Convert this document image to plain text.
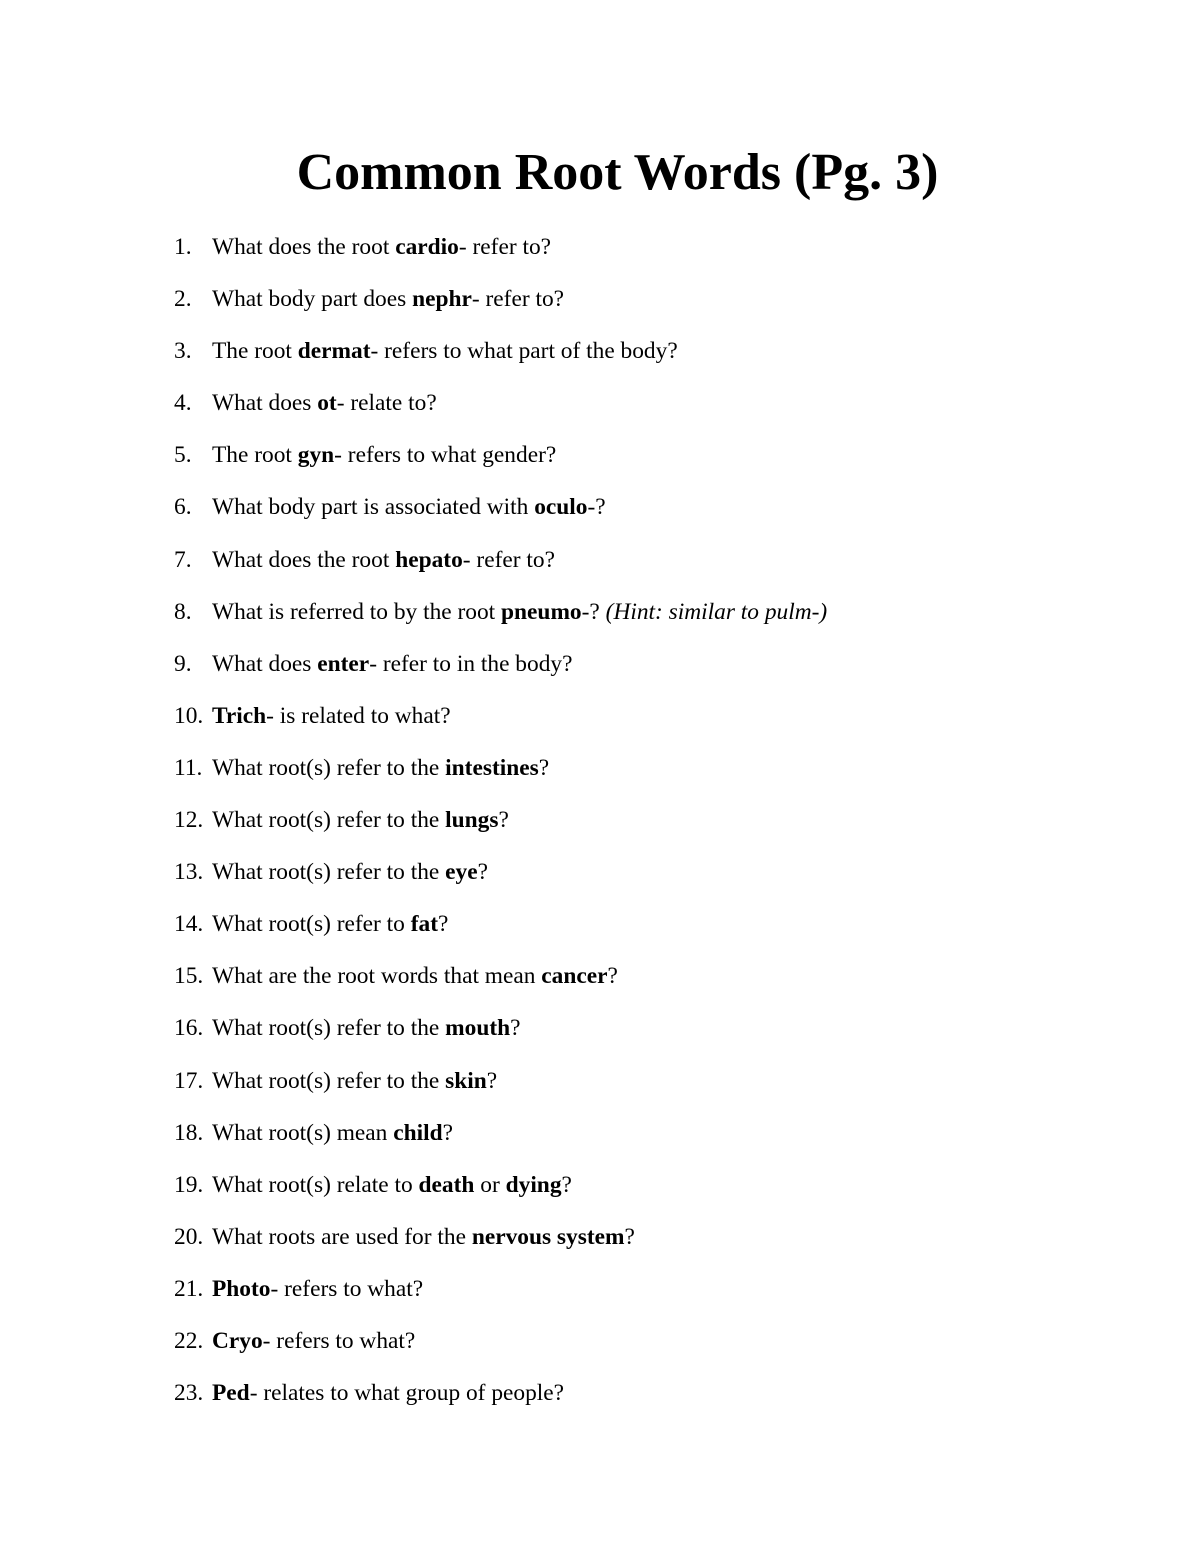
Common Root Words (Pg. 3)
1. What does the root cardio- refer to?
2. What body part does nephr- refer to?
3. The root dermat- refers to what part of the body?
4. What does ot- relate to?
5. The root gyn- refers to what gender?
6. What body part is associated with oculo-?
7. What does the root hepato- refer to?
8. What is referred to by the root pneumo-? (Hint: similar to pulm-)
9. What does enter- refer to in the body?
10. Trich- is related to what?
11. What root(s) refer to the intestines?
12. What root(s) refer to the lungs?
13. What root(s) refer to the eye?
14. What root(s) refer to fat?
15. What are the root words that mean cancer?
16. What root(s) refer to the mouth?
17. What root(s) refer to the skin?
18. What root(s) mean child?
19. What root(s) relate to death or dying?
20. What roots are used for the nervous system?
21. Photo- refers to what?
22. Cryo- refers to what?
23. Ped- relates to what group of people?
